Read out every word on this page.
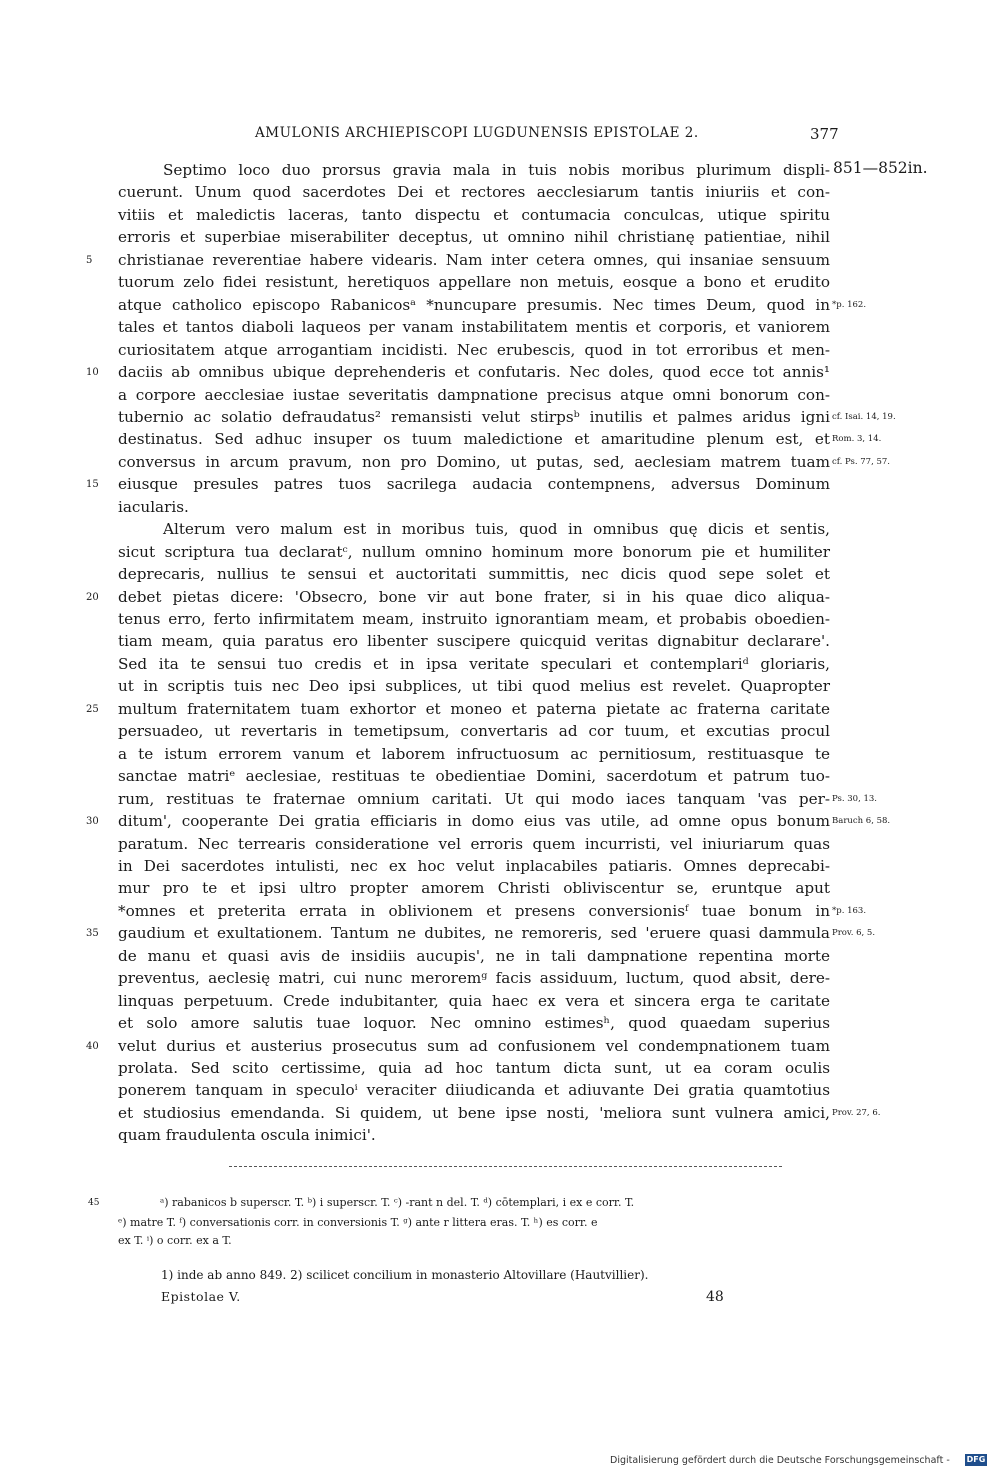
AMULONIS ARCHIEPISCOPI LUGDUNENSIS EPISTOLAE 2.	377
851—852in.
Septimo loco duo prorsus gravia mala in tuis nobis moribus plurimum displi-
cuerunt. Unum quod sacerdotes Dei et rectores aecclesiarum tantis iniuriis et con-
vitiis et maledictis laceras, tanto dispectu et contumacia conculcas, utique spiritu
erroris et superbiae miserabiliter deceptus, ut omnino nihil christianę patientiae, nihil
christianae reverentiae habere videaris. Nam inter cetera omnes, qui insaniae sensuum
tuorum zelo fidei resistunt, heretiquos appellare non metuis, eosque a bono et erudito
atque catholico episcopo Rabanicosᵃ *nuncupare presumis. Nec times Deum, quod in
tales et tantos diaboli laqueos per vanam instabilitatem mentis et corporis, et vaniorem
curiositatem atque arrogantiam incidisti. Nec erubescis, quod in tot erroribus et men-
daciis ab omnibus ubique deprehenderis et confutaris. Nec doles, quod ecce tot annis¹
a corpore aecclesiae iustae severitatis dampnatione precisus atque omni bonorum con-
tubernio ac solatio defraudatus² remansisti velut stirpsᵇ inutilis et palmes aridus igni
destinatus. Sed adhuc insuper os tuum maledictione et amaritudine plenum est, et
conversus in arcum pravum, non pro Domino, ut putas, sed, aeclesiam matrem tuam
eiusque presules patres tuos sacrilega audacia contempnens, adversus Dominum
iacularis.
Alterum vero malum est in moribus tuis, quod in omnibus quę dicis et sentis,
sicut scriptura tua declaratᶜ, nullum omnino hominum more bonorum pie et humiliter
deprecaris, nullius te sensui et auctoritati summittis, nec dicis quod sepe solet et
debet pietas dicere: 'Obsecro, bone vir aut bone frater, si in his quae dico aliqua-
tenus erro, ferto infirmitatem meam, instruito ignorantiam meam, et probabis oboedien-
tiam meam, quia paratus ero libenter suscipere quicquid veritas dignabitur declarare'.
Sed ita te sensui tuo credis et in ipsa veritate speculari et contemplariᵈ gloriaris,
ut in scriptis tuis nec Deo ipsi subplices, ut tibi quod melius est revelet. Quapropter
multum fraternitatem tuam exhortor et moneo et paterna pietate ac fraterna caritate
persuadeo, ut revertaris in temetipsum, convertaris ad cor tuum, et excutias procul
a te istum errorem vanum et laborem infructuosum ac pernitiosum, restituasque te
sanctae matriᵉ aeclesiae, restituas te obedientiae Domini, sacerdotum et patrum tuo-
rum, restituas te fraternae omnium caritati. Ut qui modo iaces tanquam 'vas per-
ditum', cooperante Dei gratia efficiaris in domo eius vas utile, ad omne opus bonum
paratum. Nec terrearis consideratione vel erroris quem incurristi, vel iniuriarum quas
in Dei sacerdotes intulisti, nec ex hoc velut inplacabiles patiaris. Omnes deprecabi-
mur pro te et ipsi ultro propter amorem Christi obliviscentur se, eruntque aput
*omnes et preterita errata in oblivionem et presens conversionisᶠ tuae bonum in
gaudium et exultationem. Tantum ne dubites, ne remoreris, sed 'eruere quasi dammula
de manu et quasi avis de insidiis aucupis', ne in tali dampnatione repentina morte
preventus, aeclesię matri, cui nunc meroremᵍ facis assiduum, luctum, quod absit, dere-
linquas perpetuum. Crede indubitanter, quia haec ex vera et sincera erga te caritate
et solo amore salutis tuae loquor. Nec omnino estimesʰ, quod quaedam superius
velut durius et austerius prosecutus sum ad confusionem vel condempnationem tuam
prolata. Sed scito certissime, quia ad hoc tantum dicta sunt, ut ea coram oculis
ponerem tanquam in speculoⁱ veraciter diiudicanda et adiuvante Dei gratia quamtotius
et studiosius emendanda. Si quidem, ut bene ipse nosti, 'meliora sunt vulnera amici,
quam fraudulenta oscula inimici'.
5
10
15
20
25
30
35
40
*p. 162.
cf. Isai. 14, 19.
Rom. 3, 14.
cf. Ps. 77, 57.
Ps. 30, 13.
Baruch 6, 58.
*p. 163.
Prov. 6, 5.
Prov. 27, 6.
45	ᵃ) rabanicos b superscr. T. ᵇ) i superscr. T. ᶜ) -rant n del. T. ᵈ) cōtemplari, i ex e corr. T.
ᵉ) matre T. ᶠ) conversationis corr. in conversionis T. ᵍ) ante r littera eras. T. ʰ) es corr. e
ex T. ⁱ) o corr. ex a T.
1) inde ab anno 849. 2) scilicet concilium in monasterio Altovillare (Hautvillier).
Epistolae V.	48
Digitalisierung gefördert durch die Deutsche Forschungsgemeinschaft - DFG
